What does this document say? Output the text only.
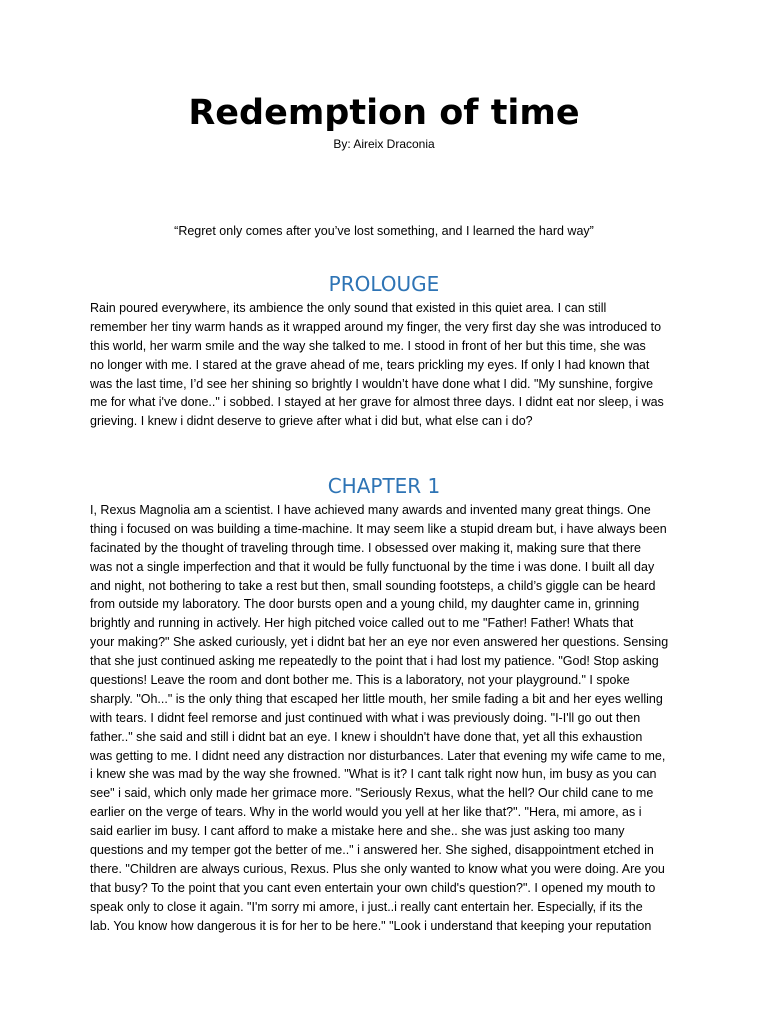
Redemption of time
By: Aireix Draconia
“Regret only comes after you’ve lost something, and I learned the hard way”
PROLOUGE
Rain poured everywhere, its ambience the only sound that existed in this quiet area. I can still
remember her tiny warm hands as it wrapped around my finger, the very first day she was introduced to
this world, her warm smile and the way she talked to me. I stood in front of her but this time, she was
no longer with me. I stared at the grave ahead of me, tears prickling my eyes. If only I had known that
was the last time, I’d see her shining so brightly I wouldn’t have done what I did. "My sunshine, forgive
me for what i've done.." i sobbed. I stayed at her grave for almost three days. I didnt eat nor sleep, i was
grieving. I knew i didnt deserve to grieve after what i did but, what else can i do?
CHAPTER 1
I, Rexus Magnolia am a scientist. I have achieved many awards and invented many great things. One
thing i focused on was building a time-machine. It may seem like a stupid dream but, i have always been
facinated by the thought of traveling through time. I obsessed over making it, making sure that there
was not a single imperfection and that it would be fully functuonal by the time i was done. I built all day
and night, not bothering to take a rest but then, small sounding footsteps, a child’s giggle can be heard
from outside my laboratory. The door bursts open and a young child, my daughter came in, grinning
brightly and running in actively. Her high pitched voice called out to me "Father! Father! Whats that
your making?" She asked curiously, yet i didnt bat her an eye nor even answered her questions. Sensing
that she just continued asking me repeatedly to the point that i had lost my patience. "God! Stop asking
questions! Leave the room and dont bother me. This is a laboratory, not your playground." I spoke
sharply. "Oh..." is the only thing that escaped her little mouth, her smile fading a bit and her eyes welling
with tears. I didnt feel remorse and just continued with what i was previously doing. "I-I'll go out then
father.." she said and still i didnt bat an eye. I knew i shouldn't have done that, yet all this exhaustion
was getting to me. I didnt need any distraction nor disturbances. Later that evening my wife came to me,
i knew she was mad by the way she frowned. "What is it? I cant talk right now hun, im busy as you can
see" i said, which only made her grimace more. "Seriously Rexus, what the hell? Our child cane to me
earlier on the verge of tears. Why in the world would you yell at her like that?". "Hera, mi amore, as i
said earlier im busy. I cant afford to make a mistake here and she.. she was just asking too many
questions and my temper got the better of me.." i answered her. She sighed, disappointment etched in
there. "Children are always curious, Rexus. Plus she only wanted to know what you were doing. Are you
that busy? To the point that you cant even entertain your own child's question?". I opened my mouth to
speak only to close it again. "I'm sorry mi amore, i just..i really cant entertain her. Especially, if its the
lab. You know how dangerous it is for her to be here." "Look i understand that keeping your reputation
